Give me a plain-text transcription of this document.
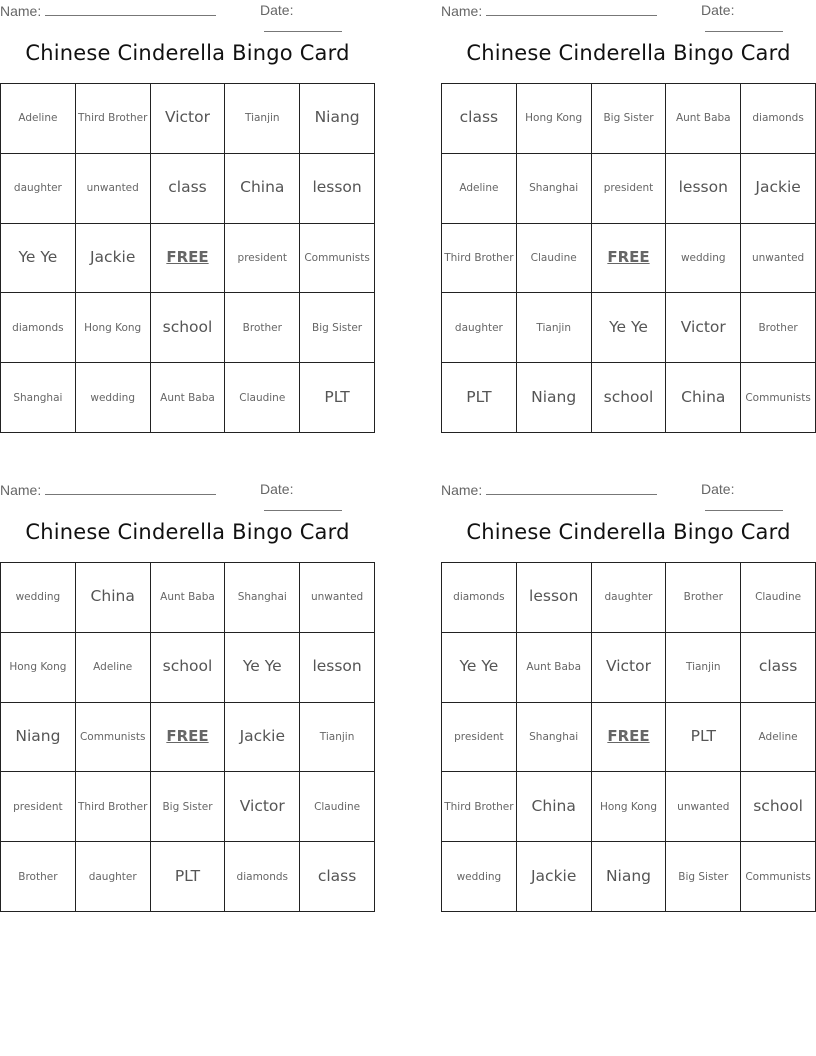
Name:	Date:
Chinese Cinderella Bingo Card
Adeline	Third Brother	Victor	Tianjin	Niang
daughter	unwanted	class	China	lesson
Ye Ye	Jackie	FREE	president	Communists
diamonds	Hong Kong	school	Brother	Big Sister
Shanghai	wedding	Aunt Baba	Claudine	PLT
Name:	Date:
Chinese Cinderella Bingo Card
class	Hong Kong	Big Sister	Aunt Baba	diamonds
Adeline	Shanghai	president	lesson	Jackie
Third Brother	Claudine	FREE	wedding	unwanted
daughter	Tianjin	Ye Ye	Victor	Brother
PLT	Niang	school	China	Communists
Name:	Date:
Chinese Cinderella Bingo Card
wedding	China	Aunt Baba	Shanghai	unwanted
Hong Kong	Adeline	school	Ye Ye	lesson
Niang	Communists	FREE	Jackie	Tianjin
president	Third Brother	Big Sister	Victor	Claudine
Brother	daughter	PLT	diamonds	class
Name:	Date:
Chinese Cinderella Bingo Card
diamonds	lesson	daughter	Brother	Claudine
Ye Ye	Aunt Baba	Victor	Tianjin	class
president	Shanghai	FREE	PLT	Adeline
Third Brother	China	Hong Kong	unwanted	school
wedding	Jackie	Niang	Big Sister	Communists
